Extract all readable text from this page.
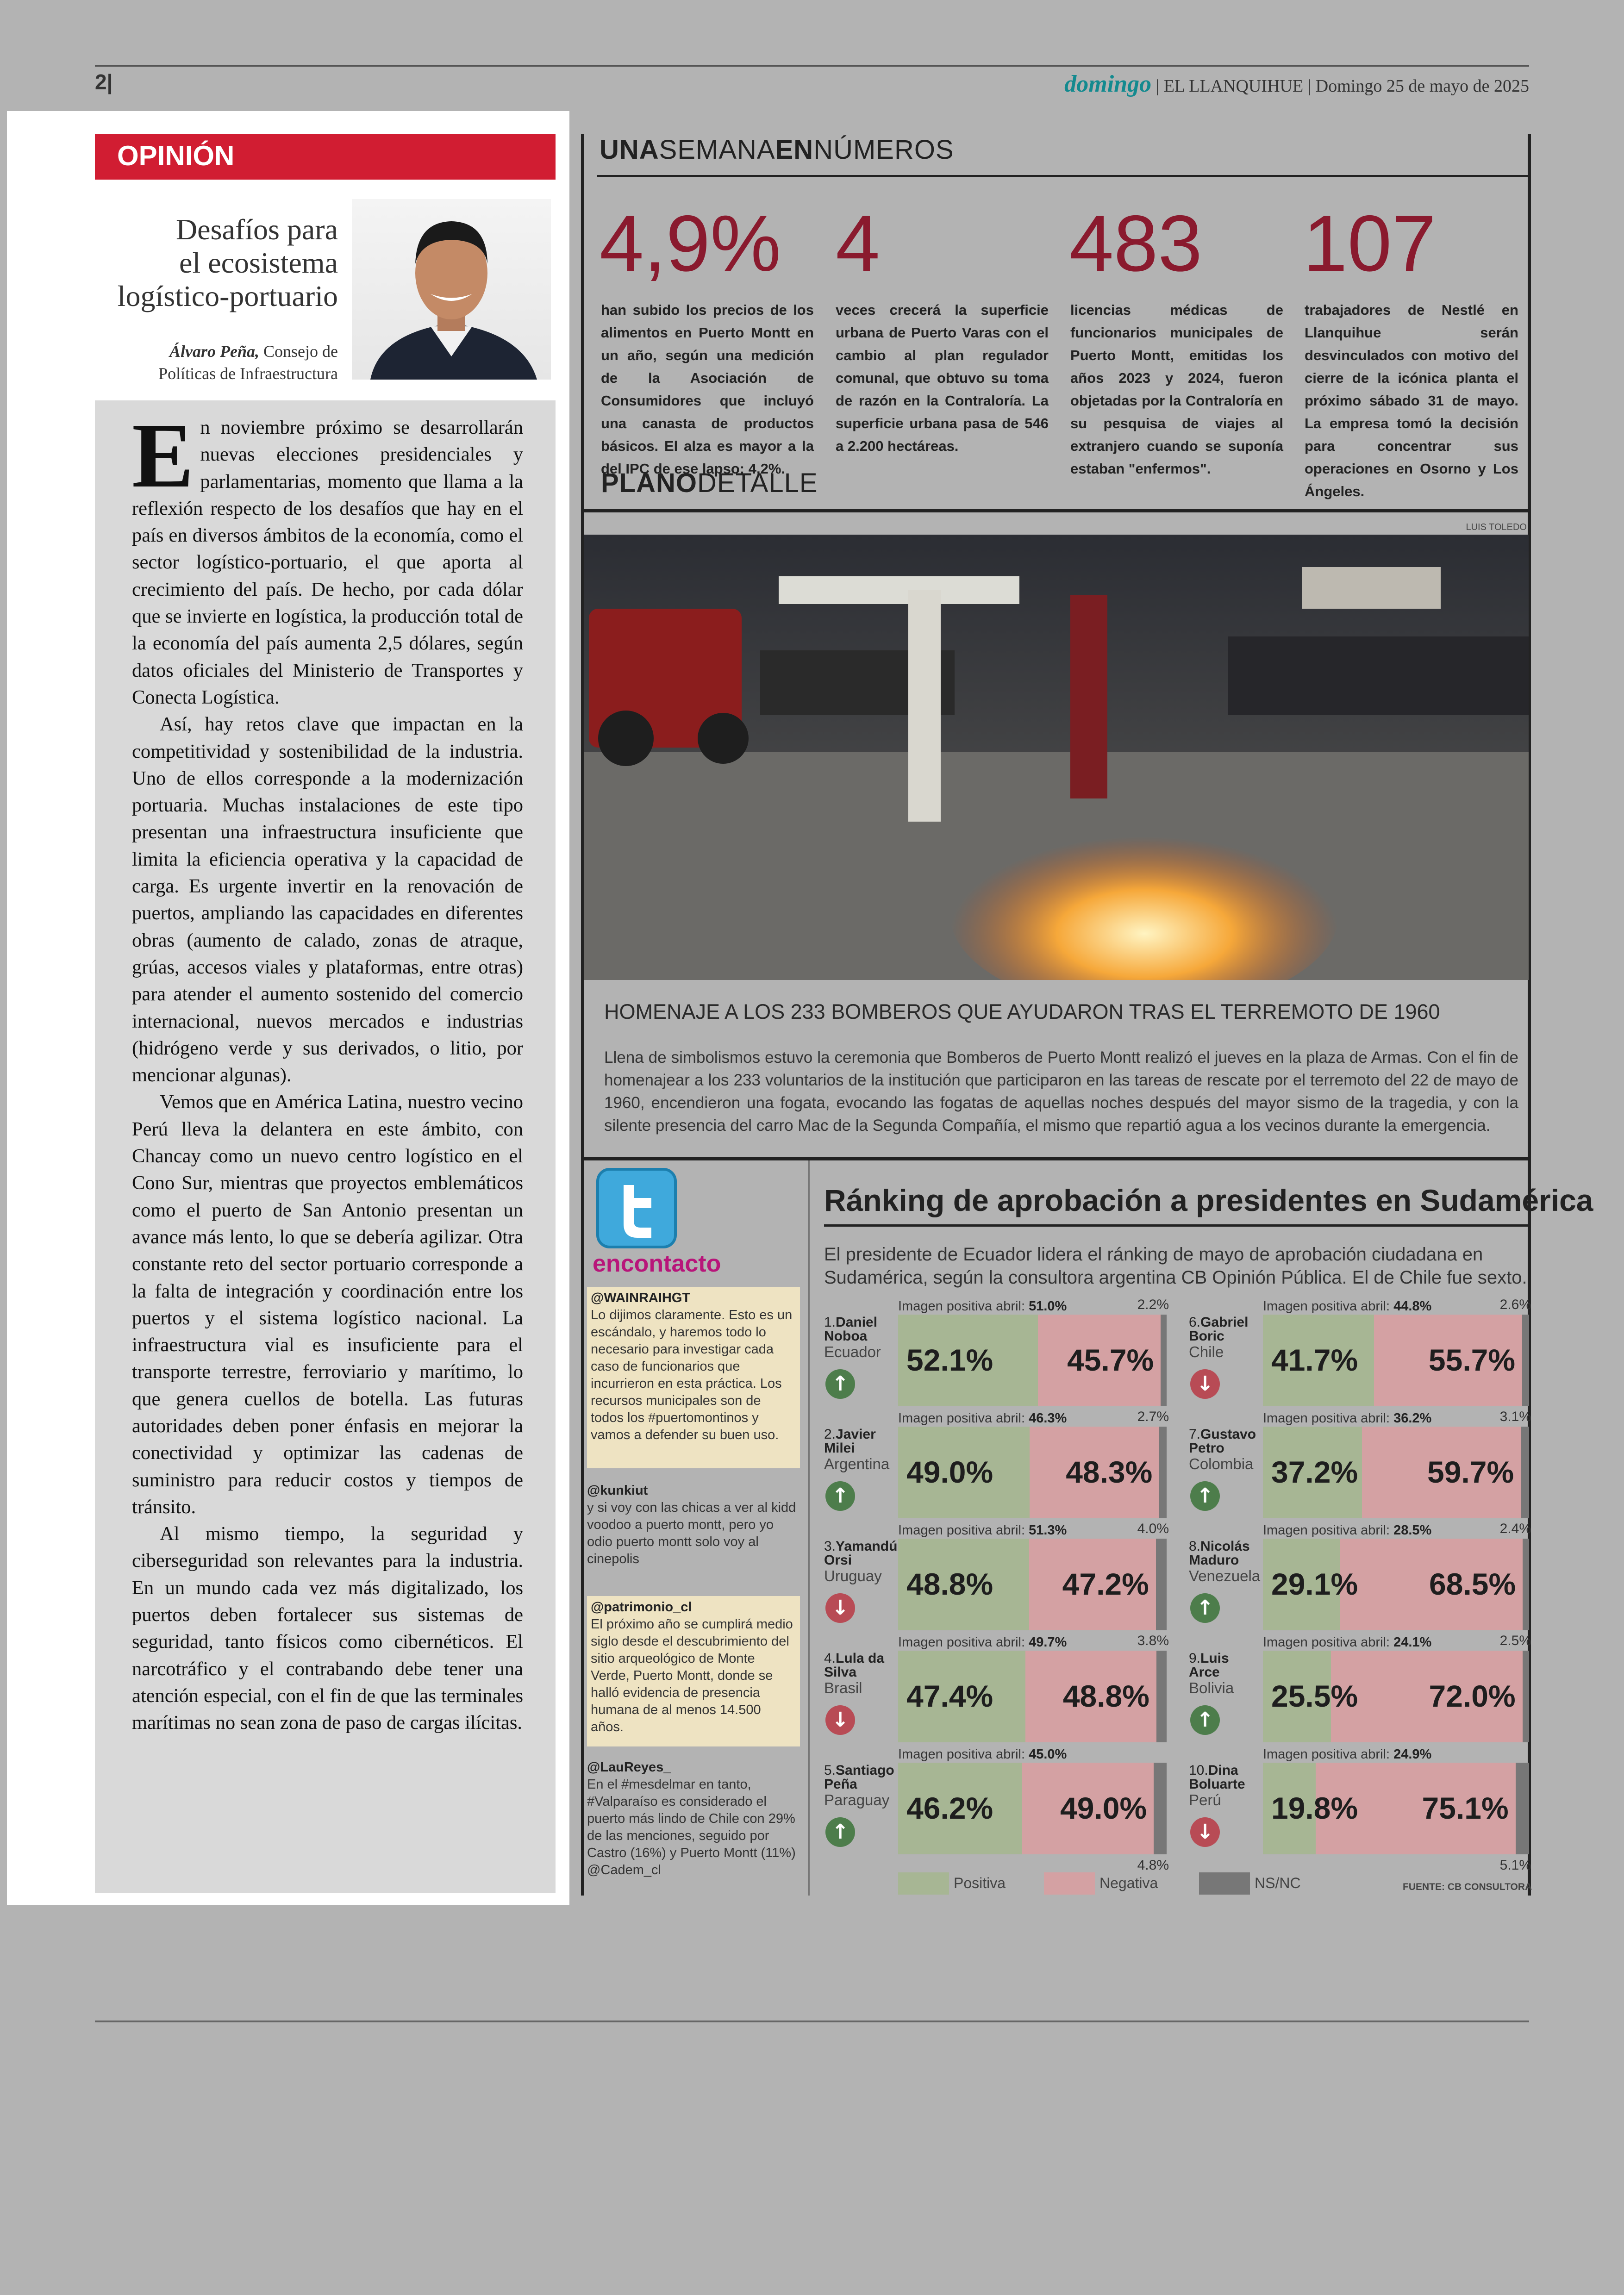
2|	domingo | EL LLANQUIHUE | Domingo 25 de mayo de 2025
OPINIÓN
Desafíos para
el ecosistema
logístico-portuario
Álvaro Peña, Consejo de
Políticas de Infraestructura

En noviembre próximo se desarrollarán nuevas elecciones presidenciales y parlamentarias, momento que llama a la reflexión respecto de los desafíos que hay en el país en diversos ámbitos de la economía, como el sector logístico-portuario, el que aporta al crecimiento del país. De hecho, por cada dólar que se invierte en logística, la producción total de la economía del país aumenta 2,5 dólares, según datos oficiales del Ministerio de Transportes y Conecta Logística.

Así, hay retos clave que impactan en la competitividad y sostenibilidad de la industria. Uno de ellos corresponde a la modernización portuaria. Muchas instalaciones de este tipo presentan una infraestructura insuficiente que limita la eficiencia operativa y la capacidad de carga. Es urgente invertir en la renovación de puertos, ampliando las capacidades en diferentes obras (aumento de calado, zonas de atraque, grúas, accesos viales y plataformas, entre otras) para atender el aumento sostenido del comercio internacional, nuevos mercados e industrias (hidrógeno verde y sus derivados, o litio, por mencionar algunas).

Vemos que en América Latina, nuestro vecino Perú lleva la delantera en este ámbito, con Chancay como un nuevo centro logístico en el Cono Sur, mientras que proyectos emblemáticos como el puerto de San Antonio presentan un avance más lento, lo que se debería agilizar. Otra constante reto del sector portuario corresponde a la falta de integración y coordinación entre los puertos y el sistema logístico nacional. La infraestructura vial es insuficiente para el transporte terrestre, ferroviario y marítimo, lo que genera cuellos de botella. Las futuras autoridades deben poner énfasis en mejorar la conectividad y optimizar las cadenas de suministro para reducir costos y tiempos de tránsito.

Al mismo tiempo, la seguridad y ciberseguridad son relevantes para la industria. En un mundo cada vez más digitalizado, los puertos deben fortalecer sus sistemas de seguridad, tanto físicos como cibernéticos. El narcotráfico y el contrabando debe tener una atención especial, con el fin de que las terminales marítimas no sean zona de paso de cargas ilícitas.

UNASEMANAENNÚMEROS
4,9%
han subido los precios de los alimentos en Puerto Montt en un año, según una medición de la Asociación de Consumidores que incluyó una canasta de productos básicos. El alza es mayor a la del IPC de ese lapso: 4,2%.
4
veces crecerá la superficie urbana de Puerto Varas con el cambio al plan regulador comunal, que obtuvo su toma de razón en la Contraloría. La superficie urbana pasa de 546 a 2.200 hectáreas.
483
licencias médicas de funcionarios municipales de Puerto Montt, emitidas los años 2023 y 2024, fueron objetadas por la Contraloría en su pesquisa de viajes al extranjero cuando se suponía estaban "enfermos".
107
trabajadores de Nestlé en Llanquihue serán desvinculados con motivo del cierre de la icónica planta el próximo sábado 31 de mayo. La empresa tomó la decisión para concentrar sus operaciones en Osorno y Los Ángeles.
PLANODETALLE
LUIS TOLEDO
HOMENAJE A LOS 233 BOMBEROS QUE AYUDARON TRAS EL TERREMOTO DE 1960
Llena de simbolismos estuvo la ceremonia que Bomberos de Puerto Montt realizó el jueves en la plaza de Armas. Con el fin de homenajear a los 233 voluntarios de la institución que participaron en las tareas de rescate por el terremoto del 22 de mayo de 1960, encendieron una fogata, evocando las fogatas de aquellas noches después del mayor sismo de la tragedia, y con la silente presencia del carro Mac de la Segunda Compañía, el mismo que repartió agua a los vecinos durante la emergencia.
encontacto
@WAINRAIHGT
Lo dijimos claramente. Esto es un escándalo, y haremos todo lo necesario para investigar cada caso de funcionarios que incurrieron en esta práctica. Los recursos municipales son de todos los #puertomontinos y vamos a defender su buen uso.
@kunkiut
y si voy con las chicas a ver al kidd voodoo a puerto montt, pero yo odio puerto montt solo voy al cinepolis
@patrimonio_cl
El próximo año se cumplirá medio siglo desde el descubrimiento del sitio arqueológico de Monte Verde, Puerto Montt, donde se halló evidencia de presencia humana de al menos 14.500 años.
@LauReyes_
En el #mesdelmar en tanto, #Valparaíso es considerado el puerto más lindo de Chile con 29% de las menciones, seguido por Castro (16%) y Puerto Montt (11%) @Cadem_cl
Ránking de aprobación a presidentes en Sudamérica
El presidente de Ecuador lidera el ránking de mayo de aprobación ciudadana en Sudamérica, según la consultora argentina CB Opinión Pública. El de Chile fue sexto.
Imagen positiva abril: 51.0%
1.Daniel
Noboa
Ecuador
↑
52.1%	45.7%
2.2%
Imagen positiva abril: 46.3%
2.Javier
Milei
Argentina
↑
49.0%	48.3%
2.7%
Imagen positiva abril: 51.3%
3.Yamandú
Orsi
Uruguay
↓
48.8%	47.2%
4.0%
Imagen positiva abril: 49.7%
4.Lula da
Silva
Brasil
↓
47.4%	48.8%
3.8%
Imagen positiva abril: 45.0%
5.Santiago
Peña
Paraguay
↑
46.2%	49.0%
4.8%
Imagen positiva abril: 44.8%
6.Gabriel
Boric
Chile
↓
41.7%	55.7%
2.6%
Imagen positiva abril: 36.2%
7.Gustavo
Petro
Colombia
↑
37.2%	59.7%
3.1%
Imagen positiva abril: 28.5%
8.Nicolás
Maduro
Venezuela
↑
29.1%	68.5%
2.4%
Imagen positiva abril: 24.1%
9.Luis
Arce
Bolivia
↑
25.5%	72.0%
2.5%
Imagen positiva abril: 24.9%
10.Dina
Boluarte
Perú
↓
19.8%	75.1%
5.1%
Positiva	Negativa	NS/NC	FUENTE: CB CONSULTORA
